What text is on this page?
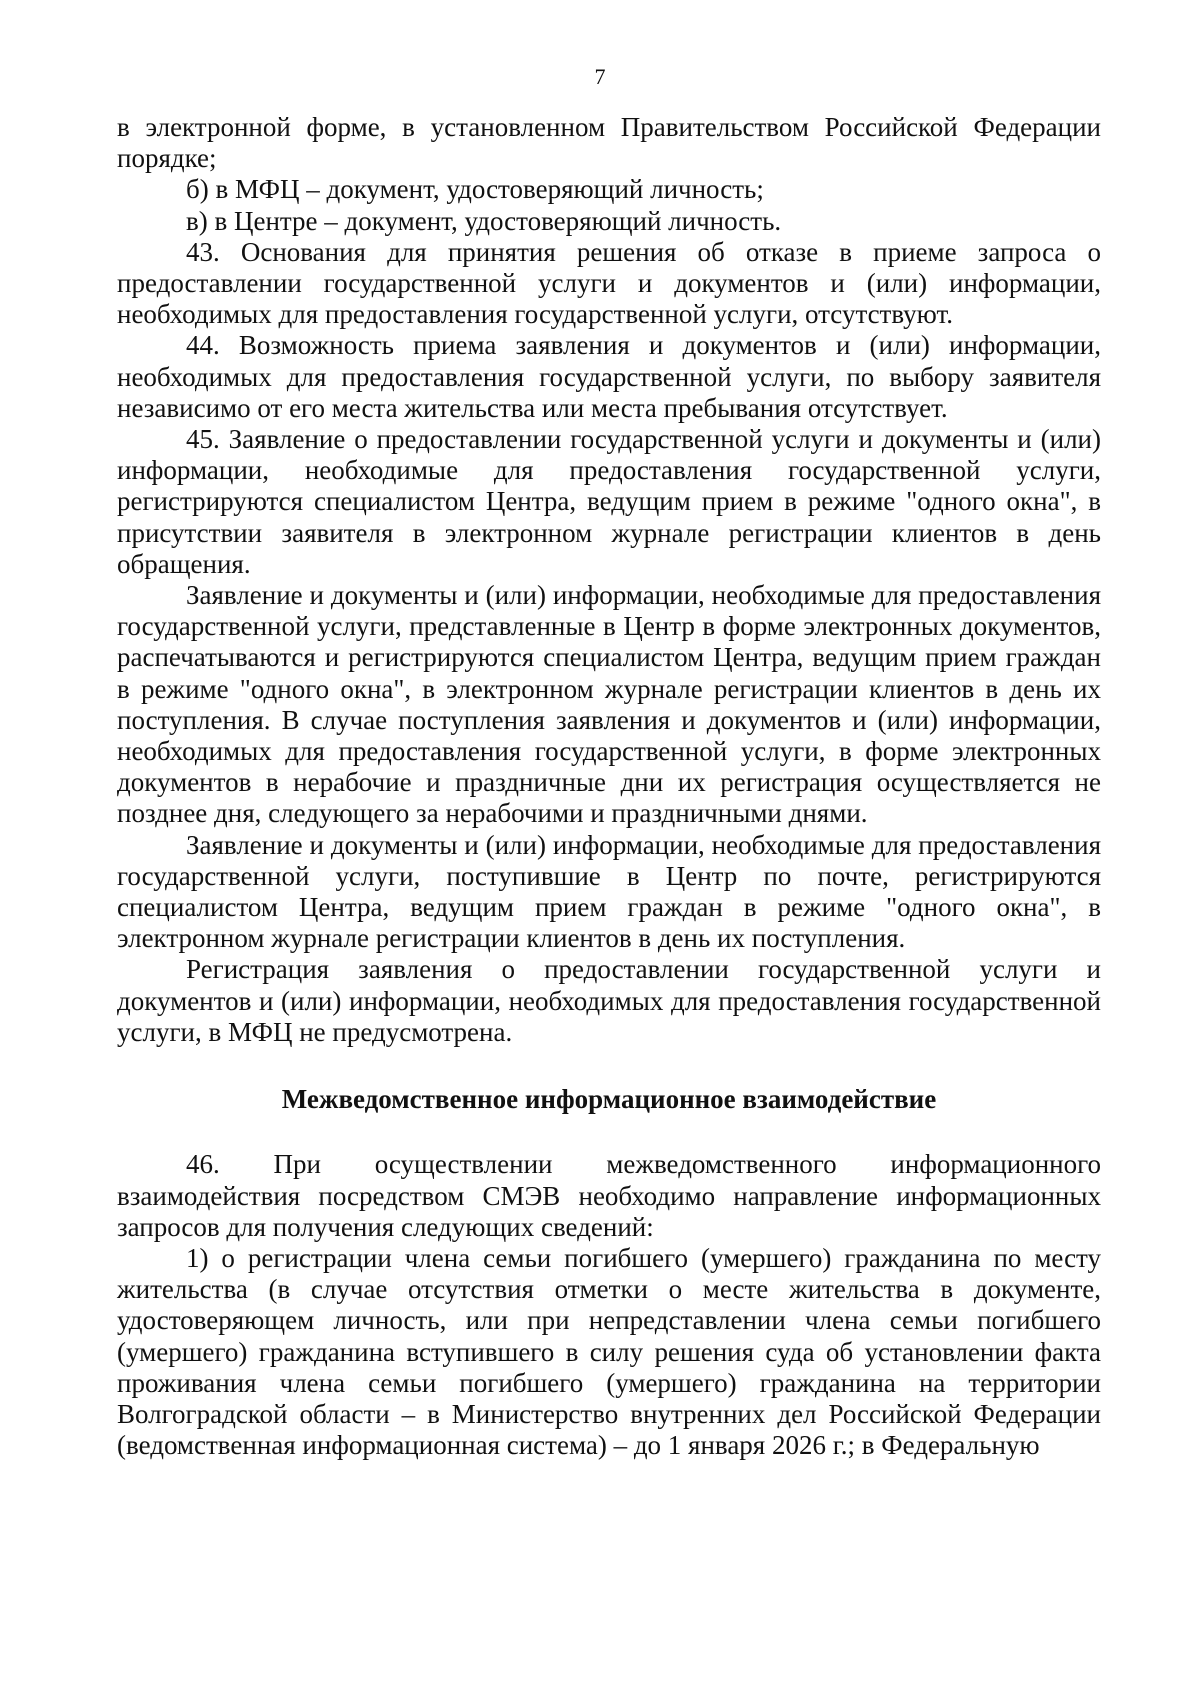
7

в электронной форме, в установленном Правительством Российской Федерации порядке;

б) в МФЦ – документ, удостоверяющий личность;

в) в Центре – документ, удостоверяющий личность.

43. Основания для принятия решения об отказе в приеме запроса о предоставлении государственной услуги и документов и (или) информации, необходимых для предоставления государственной услуги, отсутствуют.

44. Возможность приема заявления и документов и (или) информации, необходимых для предоставления государственной услуги, по выбору заявителя независимо от его места жительства или места пребывания отсутствует.

45. Заявление о предоставлении государственной услуги и документы и (или) информации, необходимые для предоставления государственной услуги, регистрируются специалистом Центра, ведущим прием в режиме "одного окна", в присутствии заявителя в электронном журнале регистрации клиентов в день обращения.

Заявление и документы и (или) информации, необходимые для предоставления государственной услуги, представленные в Центр в форме электронных документов, распечатываются и регистрируются специалистом Центра, ведущим прием граждан в режиме "одного окна", в электронном журнале регистрации клиентов в день их поступления. В случае поступления заявления и документов и (или) информации, необходимых для предоставления государственной услуги, в форме электронных документов в нерабочие и праздничные дни их регистрация осуществляется не позднее дня, следующего за нерабочими и праздничными днями.

Заявление и документы и (или) информации, необходимые для предоставления государственной услуги, поступившие в Центр по почте, регистрируются специалистом Центра, ведущим прием граждан в режиме "одного окна", в электронном журнале регистрации клиентов в день их поступления.

Регистрация заявления о предоставлении государственной услуги и документов и (или) информации, необходимых для предоставления государственной услуги, в МФЦ не предусмотрена.

Межведомственное информационное взаимодействие

46. При осуществлении межведомственного информационного взаимодействия посредством СМЭВ необходимо направление информационных запросов для получения следующих сведений:

1) о регистрации члена семьи погибшего (умершего) гражданина по месту жительства (в случае отсутствия отметки о месте жительства в документе, удостоверяющем личность, или при непредставлении члена семьи погибшего (умершего) гражданина вступившего в силу решения суда об установлении факта проживания члена семьи погибшего (умершего) гражданина на территории Волгоградской области – в Министерство внутренних дел Российской Федерации (ведомственная информационная система) – до 1 января 2026 г.; в Федеральную
